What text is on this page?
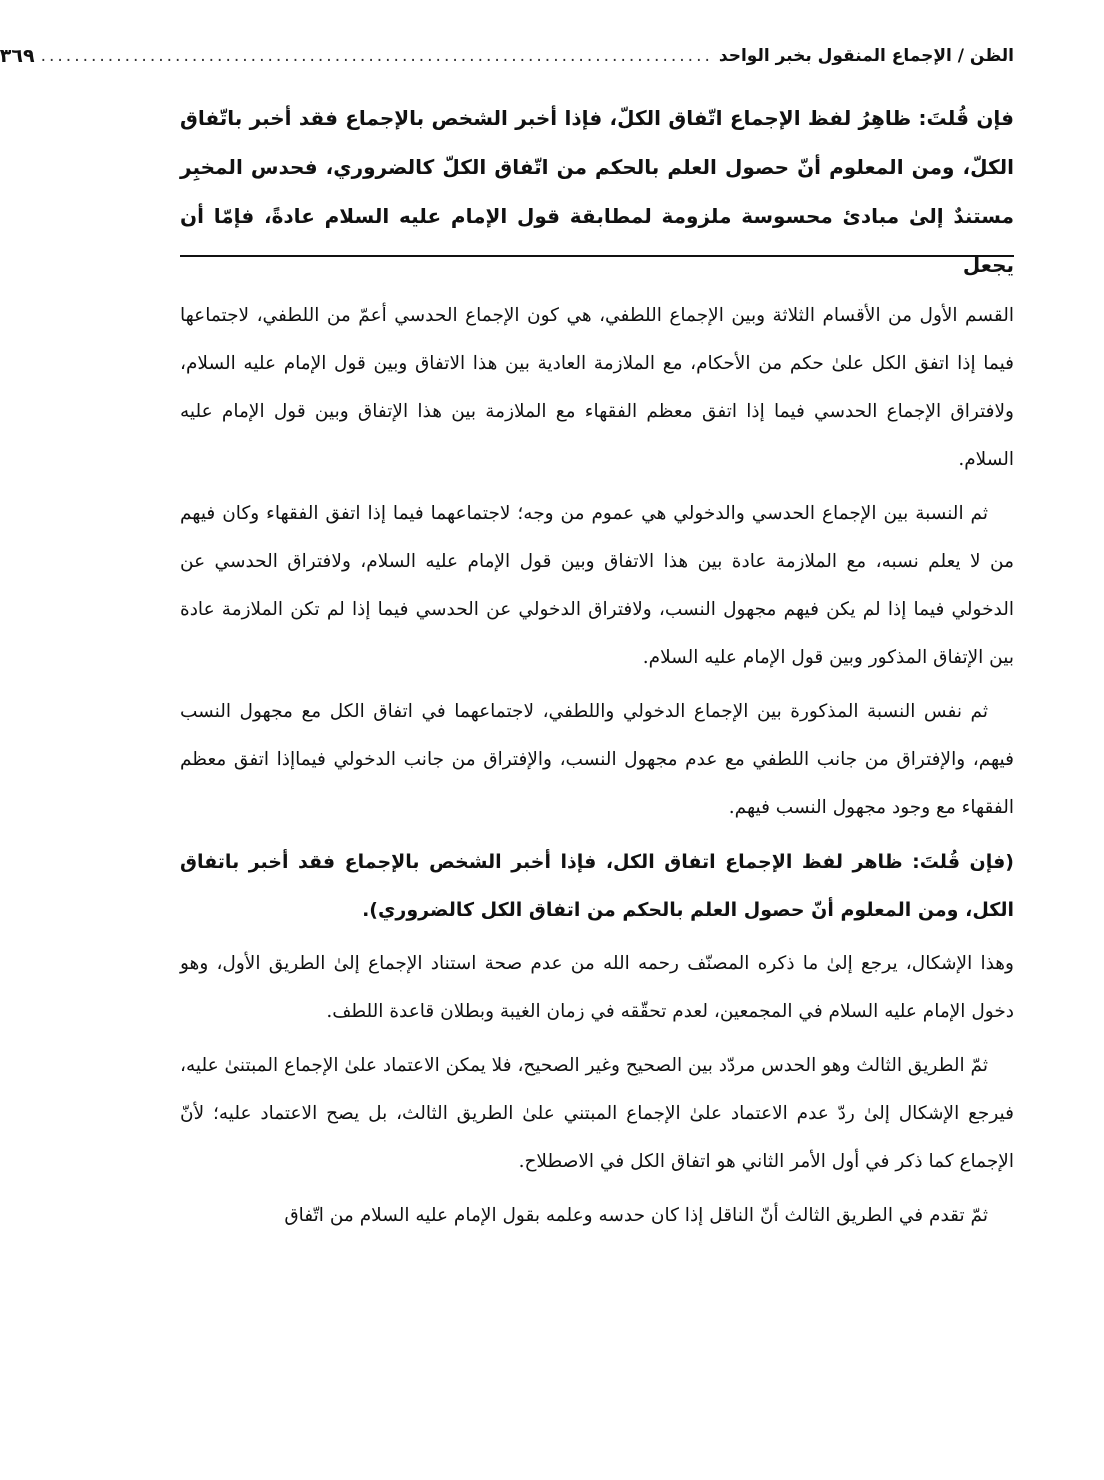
الظن / الإجماع المنقول بخبر الواحد
................................................................................
٣٦٩
فإن قُلتَ: ظاهِرُ لفظ الإجماع اتّفاق الكلّ، فإذا أخبر الشخص بالإجماع فقد أخبر باتّفاق الكلّ، ومن المعلوم أنّ حصول العلم بالحكم من اتّفاق الكلّ كالضروري، فحدس المخبِر مستندٌ إلىٰ مبادئ محسوسة ملزومة لمطابقة قول الإمام عليه السلام عادةً، فإمّا أن يجعل

القسم الأول من الأقسام الثلاثة وبين الإجماع اللطفي، هي كون الإجماع الحدسي أعمّ من اللطفي، لاجتماعها فيما إذا اتفق الكل علىٰ حكم من الأحكام، مع الملازمة العادية بين هذا الاتفاق وبين قول الإمام عليه السلام، ولافتراق الإجماع الحدسي فيما إذا اتفق معظم الفقهاء مع الملازمة بين هذا الإتفاق وبين قول الإمام عليه السلام.

ثم النسبة بين الإجماع الحدسي والدخولي هي عموم من وجه؛ لاجتماعهما فيما إذا اتفق الفقهاء وكان فيهم من لا يعلم نسبه، مع الملازمة عادة بين هذا الاتفاق وبين قول الإمام عليه السلام، ولافتراق الحدسي عن الدخولي فيما إذا لم يكن فيهم مجهول النسب، ولافتراق الدخولي عن الحدسي فيما إذا لم تكن الملازمة عادة بين الإتفاق المذكور وبين قول الإمام عليه السلام.

ثم نفس النسبة المذكورة بين الإجماع الدخولي واللطفي، لاجتماعهما في اتفاق الكل مع مجهول النسب فيهم، والإفتراق من جانب اللطفي مع عدم مجهول النسب، والإفتراق من جانب الدخولي فيماإذا اتفق معظم الفقهاء مع وجود مجهول النسب فيهم.

(فإن قُلتَ: ظاهر لفظ الإجماع اتفاق الكل، فإذا أخبر الشخص بالإجماع فقد أخبر باتفاق الكل، ومن المعلوم أنّ حصول العلم بالحكم من اتفاق الكل كالضروري).

وهذا الإشكال، يرجع إلىٰ ما ذكره المصنّف رحمه الله من عدم صحة استناد الإجماع إلىٰ الطريق الأول، وهو دخول الإمام عليه السلام في المجمعين، لعدم تحقّقه في زمان الغيبة وبطلان قاعدة اللطف.

ثمّ الطريق الثالث وهو الحدس مردّد بين الصحيح وغير الصحيح، فلا يمكن الاعتماد علىٰ الإجماع المبتنىٰ عليه، فيرجع الإشكال إلىٰ ردّ عدم الاعتماد علىٰ الإجماع المبتني علىٰ الطريق الثالث، بل يصح الاعتماد عليه؛ لأنّ الإجماع كما ذكر في أول الأمر الثاني هو اتفاق الكل في الاصطلاح.

ثمّ تقدم في الطريق الثالث أنّ الناقل إذا كان حدسه وعلمه بقول الإمام عليه السلام من اتّفاق
